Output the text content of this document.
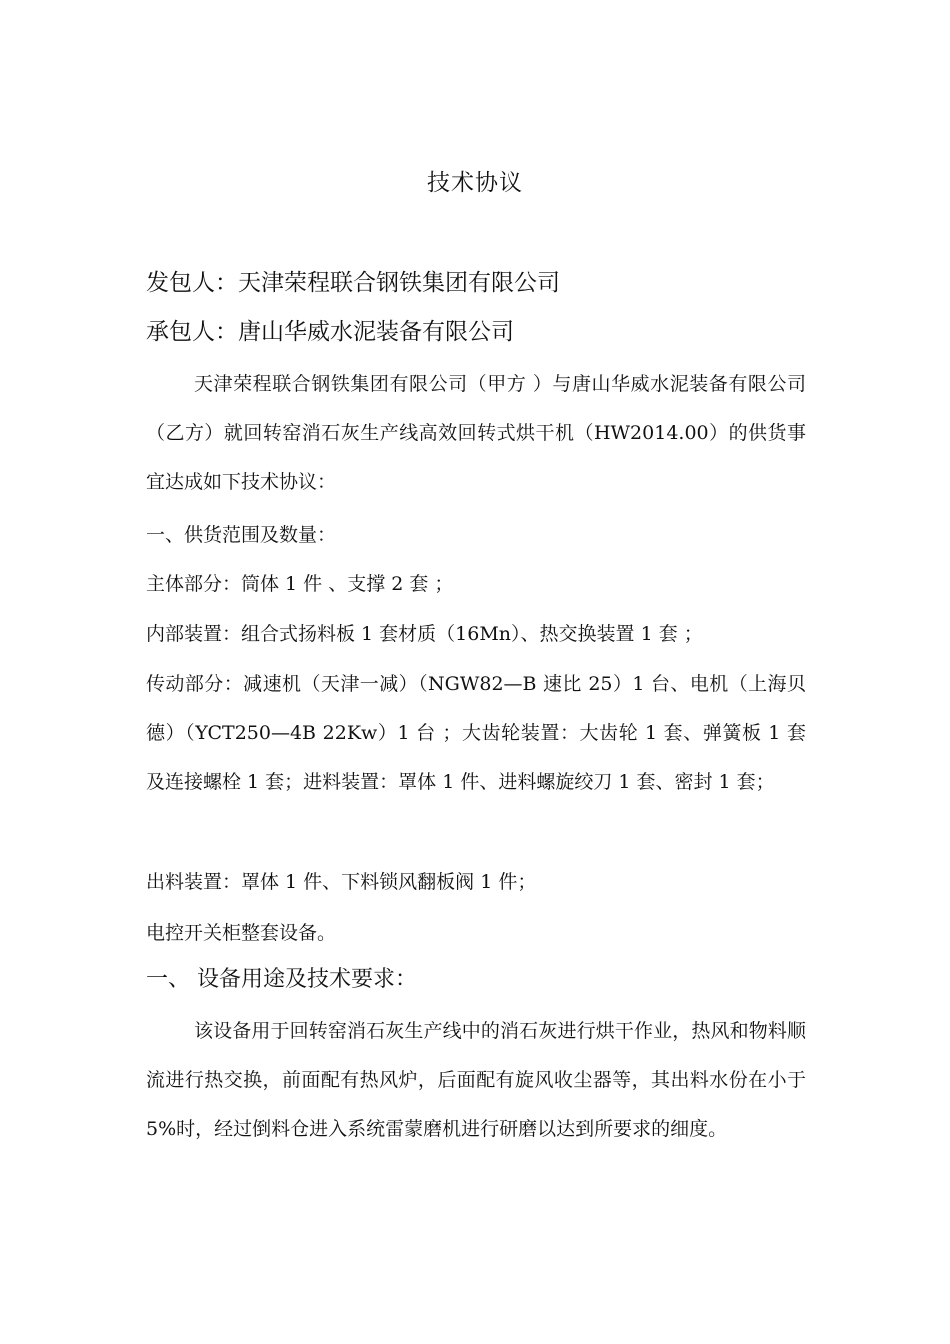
技术协议
发包人：天津荣程联合钢铁集团有限公司
承包人：唐山华威水泥装备有限公司

天津荣程联合钢铁集团有限公司（甲方 ）与唐山华威水泥装备有限公司（乙方）就回转窑消石灰生产线高效回转式烘干机（HW2014.00）的供货事宜达成如下技术协议：

一、供货范围及数量：
主体部分：筒体 1 件 、支撑 2 套 ；
内部装置：组合式扬料板 1 套材质（16Mn）、热交换装置 1 套 ；

传动部分：减速机（天津一减）（NGW82—B 速比 25）1 台、电机（上海贝德）（YCT250—4B 22Kw）1 台 ；大齿轮装置：大齿轮 1 套、弹簧板 1 套及连接螺栓 1 套；进料装置：罩体 1 件、进料螺旋绞刀 1 套、密封 1 套；

出料装置：罩体 1 件、下料锁风翻板阀 1 件；
电控开关柜整套设备。
一、 设备用途及技术要求：

该设备用于回转窑消石灰生产线中的消石灰进行烘干作业，热风和物料顺流进行热交换，前面配有热风炉，后面配有旋风收尘器等，其出料水份在小于 5%时，经过倒料仓进入系统雷蒙磨机进行研磨以达到所要求的细度。
